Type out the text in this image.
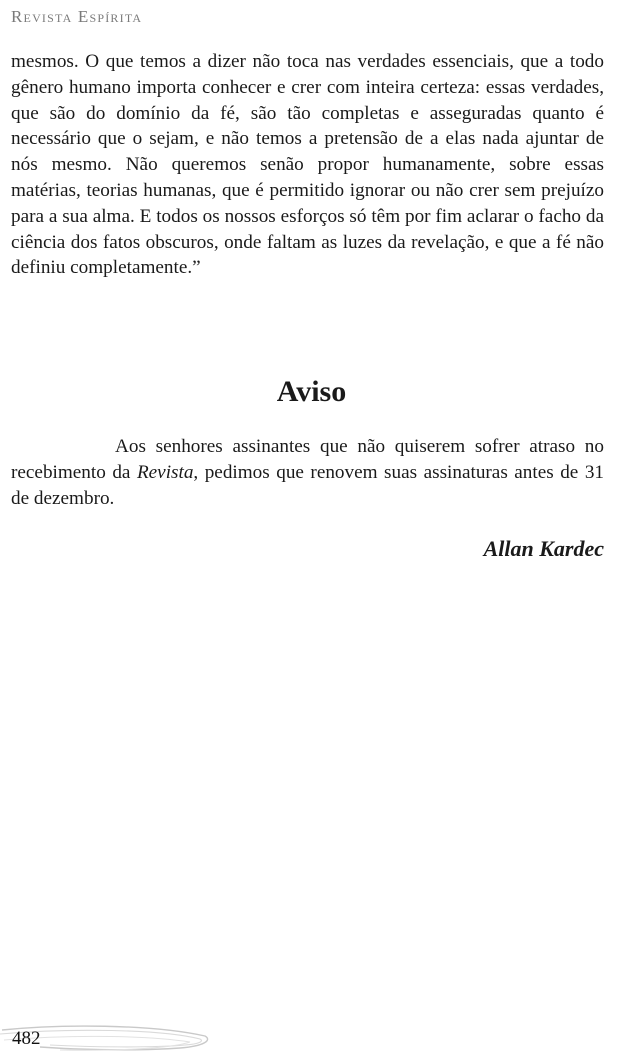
Revista Espírita

mesmos. O que temos a dizer não toca nas verdades essenciais, que a todo gênero humano importa conhecer e crer com inteira certeza: essas verdades, que são do domínio da fé, são tão completas e asseguradas quanto é necessário que o sejam, e não temos a pretensão de a elas nada ajuntar de nós mesmo. Não queremos senão propor humanamente, sobre essas matérias, teorias humanas, que é permitido ignorar ou não crer sem prejuízo para a sua alma. E todos os nossos esforços só têm por fim aclarar o facho da ciência dos fatos obscuros, onde faltam as luzes da revelação, e que a fé não definiu completamente.”

Aviso

Aos senhores assinantes que não quiserem sofrer atraso no recebimento da Revista, pedimos que renovem suas assinaturas antes de 31 de dezembro.

Allan Kardec

482
